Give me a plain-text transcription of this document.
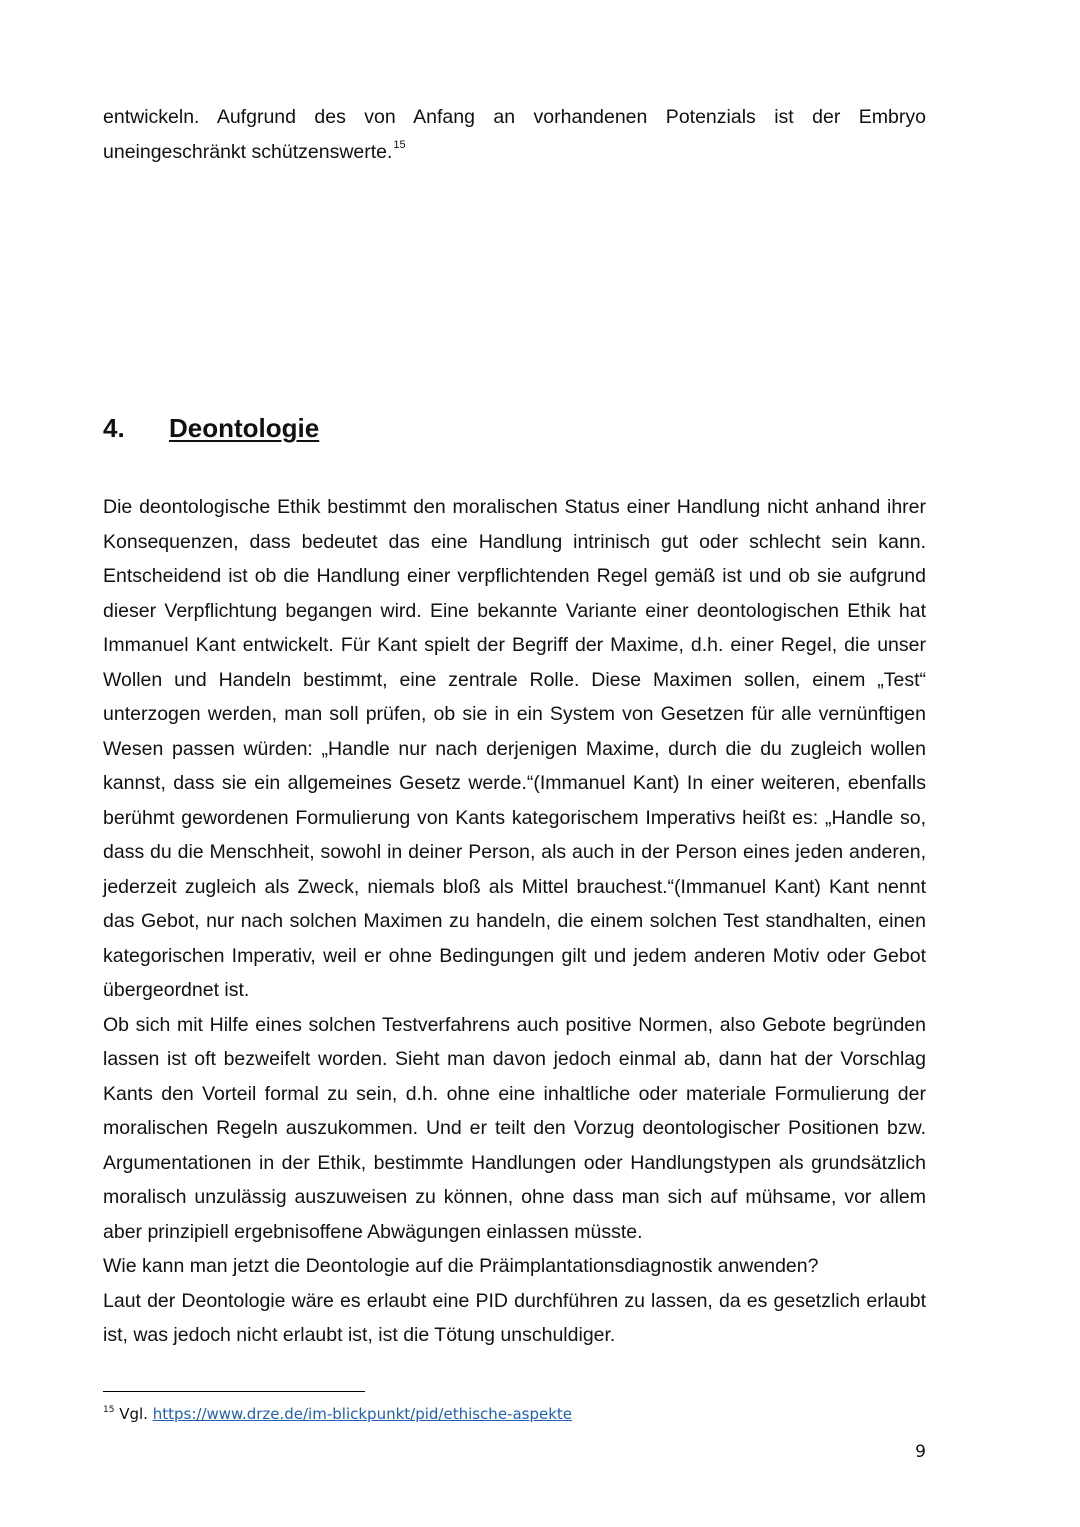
entwickeln. Aufgrund des von Anfang an vorhandenen Potenzials ist der Embryo uneingeschränkt schützenswerte.$^{15}$

4. Deontologie

Die deontologische Ethik bestimmt den moralischen Status einer Handlung nicht anhand ihrer Konsequenzen, dass bedeutet das eine Handlung intrinisch gut oder schlecht sein kann. Entscheidend ist ob die Handlung einer verpflichtenden Regel gemäß ist und ob sie aufgrund dieser Verpflichtung begangen wird. Eine bekannte Variante einer deontologischen Ethik hat Immanuel Kant entwickelt. Für Kant spielt der Begriff der Maxime, d.h. einer Regel, die unser Wollen und Handeln bestimmt, eine zentrale Rolle. Diese Maximen sollen, einem „Test“ unterzogen werden, man soll prüfen, ob sie in ein System von Gesetzen für alle vernünftigen Wesen passen würden: „Handle nur nach derjenigen Maxime, durch die du zugleich wollen kannst, dass sie ein allgemeines Gesetz werde.“(Immanuel Kant) In einer weiteren, ebenfalls berühmt gewordenen Formulierung von Kants kategorischem Imperativs heißt es: „Handle so, dass du die Menschheit, sowohl in deiner Person, als auch in der Person eines jeden anderen, jederzeit zugleich als Zweck, niemals bloß als Mittel brauchest.“(Immanuel Kant) Kant nennt das Gebot, nur nach solchen Maximen zu handeln, die einem solchen Test standhalten, einen kategorischen Imperativ, weil er ohne Bedingungen gilt und jedem anderen Motiv oder Gebot übergeordnet ist.

Ob sich mit Hilfe eines solchen Testverfahrens auch positive Normen, also Gebote begründen lassen ist oft bezweifelt worden. Sieht man davon jedoch einmal ab, dann hat der Vorschlag Kants den Vorteil formal zu sein, d.h. ohne eine inhaltliche oder materiale Formulierung der moralischen Regeln auszukommen. Und er teilt den Vorzug deontologischer Positionen bzw. Argumentationen in der Ethik, bestimmte Handlungen oder Handlungstypen als grundsätzlich moralisch unzulässig auszuweisen zu können, ohne dass man sich auf mühsame, vor allem aber prinzipiell ergebnisoffene Abwägungen einlassen müsste.

Wie kann man jetzt die Deontologie auf die Präimplantationsdiagnostik anwenden?

Laut der Deontologie wäre es erlaubt eine PID durchführen zu lassen, da es gesetzlich erlaubt ist, was jedoch nicht erlaubt ist, ist die Tötung unschuldiger.

$^{15}$ Vgl. https://www.drze.de/im-blickpunkt/pid/ethische-aspekte
9
